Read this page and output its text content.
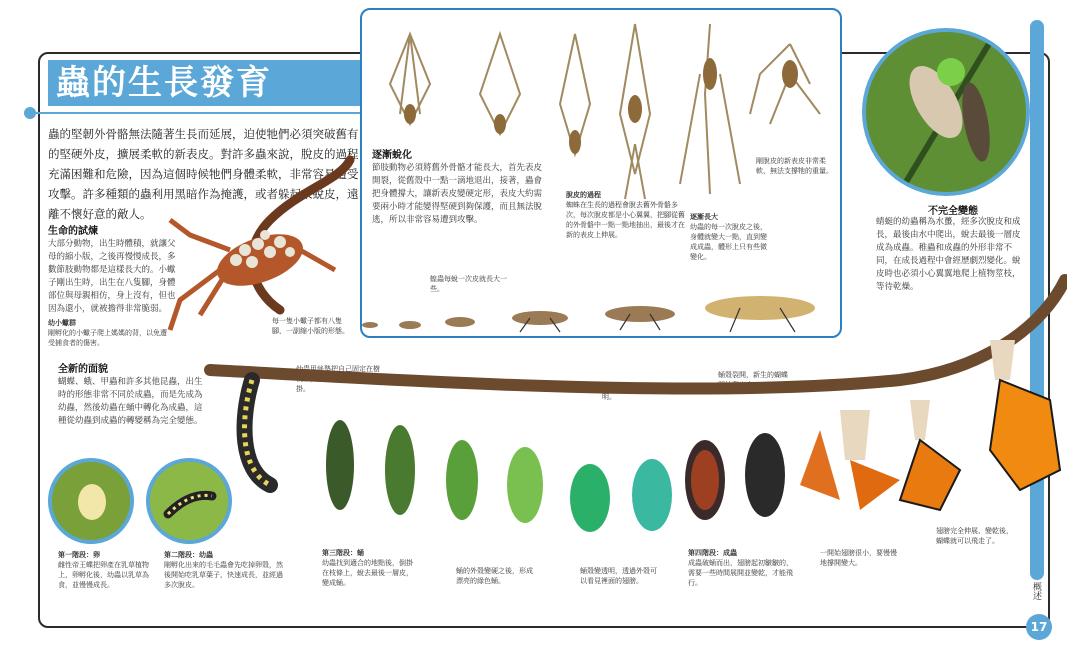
蟲的生長發育
蟲的堅韌外骨骼無法隨著生長而延展，迫使牠們必須突破舊有的堅硬外皮，擴展柔軟的新表皮。對許多蟲來說，脫皮的過程充滿困難和危險，因為這個時候牠們身體柔軟，非常容易遭受攻擊。許多種類的蟲利用黑暗作為掩護，或者躲起來蛻皮，遠離不懷好意的敵人。
生命的試煉
大部分動物，出生時體積，就讓父母的縮小版，之後再慢慢成長，多數節肢動物都是這樣長大的。小蠍子剛出生時，出生在八隻腳，身體部位與母親相仿，身上沒有，但也因為還小，就被擔得非常脆弱。
幼小蠍群
剛孵化的小蠍子爬上媽媽的背，以免遭受捕食者的傷害。
每一隻小蠍子都有八隻腳，一副縮小版的形態。
逐漸蛻化
節肢動物必須將舊外骨骼才能長大，首先表皮開裂，從舊殼中一點一滴地退出，接著，蟲會把身體撐大，讓新表皮變硬定形，表皮大約需要兩小時才能變得堅硬到夠保護，而且無法脫逃，所以非常容易遭到攻擊。
脫皮的過程
蜘蛛在生長的過程會脫去舊外骨骼多次，每次脫皮都是小心翼翼，把腳從舊的外骨骼中一點一點地抽出，最後才在新的表皮上伸展。
逐漸長大
幼蟲的每一次脫皮之後，身體就變大一點，直到變成成蟲，體形上只有些微變化。
剛脫皮的新表皮非常柔軟，無法支撐牠的重量。
蝗蟲每蛻一次皮就長大一些。
不完全變態
蜻蜓的幼蟲稱為水蠆，經多次脫皮和成長，最後由水中爬出，蛻去最後一層皮成為成蟲。稚蟲和成蟲的外形非常不同，在成長過程中會經歷劇烈變化。蛻皮時也必須小心翼翼地爬上植物莖枝，等待乾燥。
全新的面貌
蝴蝶、蛾、甲蟲和許多其他昆蟲，出生時的形態非常不同於成蟲，而是先成為幼蟲，然後幼蟲在蛹中轉化為成蟲，這種從幼蟲到成蟲的轉變稱為完全變態。
第一階段：卵
雌性帝王蝶把卵產在乳草植物上，卵孵化後，幼蟲以乳草為食，並慢慢成長。
第二階段：幼蟲
剛孵化出來的毛毛蟲會先吃掉卵殼，然後開始吃乳草葉子，快速成長，並經過多次脫皮。
第三階段：蛹
幼蟲找到適合的地點後，倒掛在枝條上，蛻去最後一層皮，變成蛹。
第四階段：成蟲
成蟲破蛹而出，翅膀起初皺皺的，需要一些時間展開並變乾，才能飛行。
幼蟲用絲墊把自己固定在樹枝上，以頭朝下的姿勢倒掛。	蛹的顏色由綠轉為透明。
蛹殼裂開，新生的蝴蝶開始爬出來。
蛹的外殼變硬之後，形成漂亮的綠色蛹。
蛹殼變透明，透過外殼可以看見裡面的翅膀。
一開始翅膀很小，要慢慢地撐開變大。
翅膀完全伸展、變乾後，蝴蝶就可以飛走了。
概述
17
